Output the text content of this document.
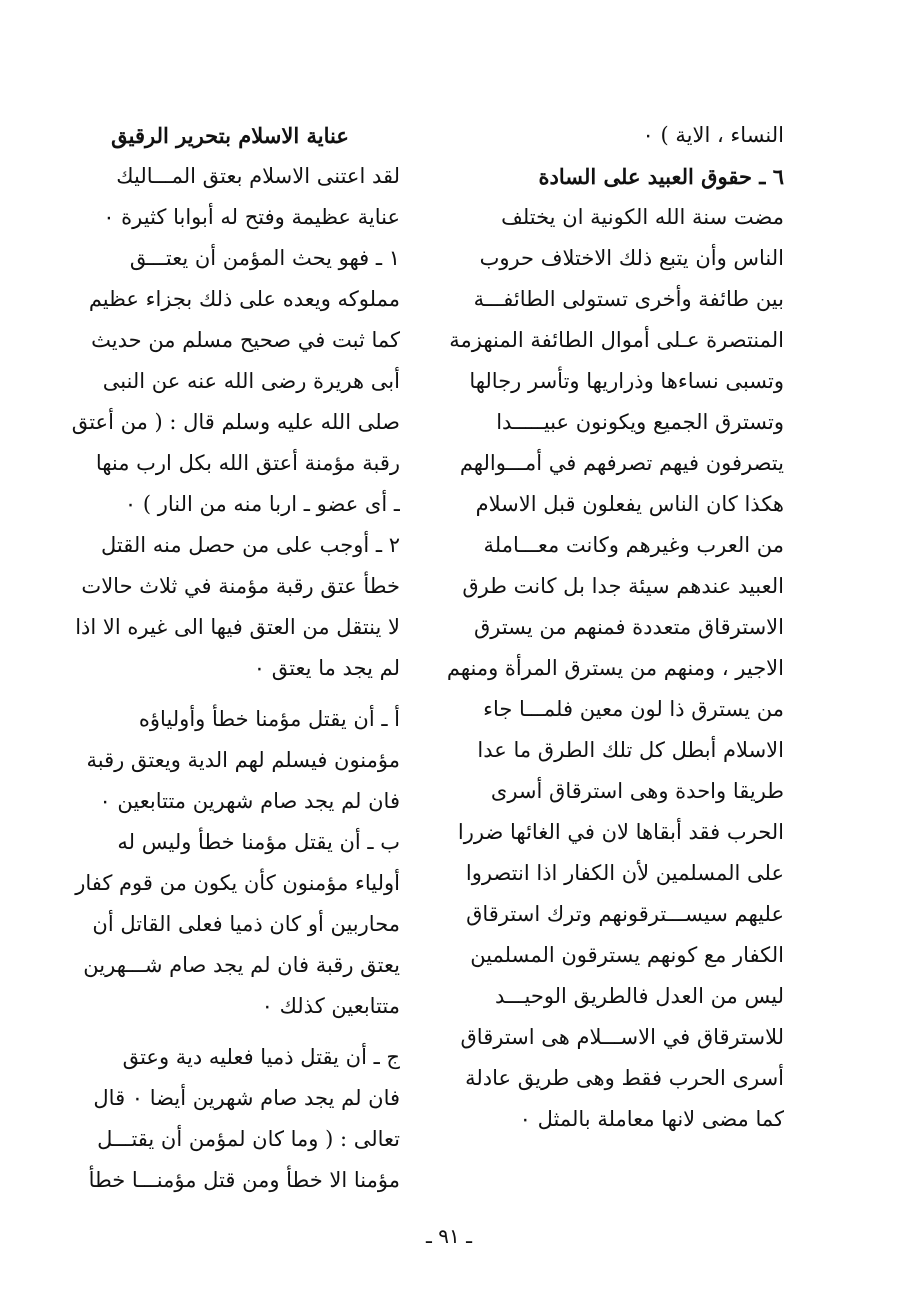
النساء ، الاية ) ٠
٦ ـ حقوق العبيد على السادة
مضت سنة الله الكونية ان يختلف
الناس وأن يتبع ذلك الاختلاف حروب
بين طائفة وأخرى تستولى الطائفـــة
المنتصرة عـلى أموال الطائفة المنهزمة
وتسبى نساءها وذراريها وتأسر رجالها
وتسترق الجميع ويكونون عبيـــــدا
يتصرفون فيهم تصرفهم في أمـــوالهم
هكذا كان الناس يفعلون قبل الاسلام
من العرب وغيرهم وكانت معـــاملة
العبيد عندهم سيئة جدا بل كانت طرق
الاسترقاق متعددة فمنهم من يسترق
الاجير ، ومنهم من يسترق المرأة ومنهم
من يسترق ذا لون معين فلمـــا جاء
الاسلام أبطل كل تلك الطرق ما عدا
طريقا واحدة وهى استرقاق أسرى
الحرب فقد أبقاها لان في الغائها ضررا
على المسلمين لأن الكفار اذا انتصروا
عليهم سيســـترقونهم وترك استرقاق
الكفار مع كونهم يسترقون المسلمين
ليس من العدل فالطريق الوحيـــد
للاسترقاق في الاســـلام هى استرقاق
أسرى الحرب فقط وهى طريق عادلة
كما مضى لانها معاملة بالمثل ٠
عناية الاسلام بتحرير الرقيق
لقد اعتنى الاسلام بعتق المـــاليك
عناية عظيمة وفتح له أبوابا كثيرة ٠
١ ـ فهو يحث المؤمن أن يعتـــق
مملوكه ويعده على ذلك بجزاء عظيم
كما ثبت في صحيح مسلم من حديث
أبى هريرة رضى الله عنه عن النبى
صلى الله عليه وسلم قال : ( من أعتق
رقبة مؤمنة أعتق الله بكل ارب منها
ـ أى عضو ـ اربا منه من النار ) ٠
٢ ـ أوجب على من حصل منه القتل
خطأ عتق رقبة مؤمنة في ثلاث حالات
لا ينتقل من العتق فيها الى غيره الا اذا
لم يجد ما يعتق ٠
أ ـ أن يقتل مؤمنا خطأ وأولياؤه
مؤمنون فيسلم لهم الدية ويعتق رقبة
فان لم يجد صام شهرين متتابعين ٠
ب ـ أن يقتل مؤمنا خطأ وليس له
أولياء مؤمنون كأن يكون من قوم كفار
محاربين أو كان ذميا فعلى القاتل أن
يعتق رقبة فان لم يجد صام شـــهرين
متتابعين كذلك ٠
ج ـ أن يقتل ذميا فعليه دية وعتق
فان لم يجد صام شهرين أيضا ٠ قال
تعالى : ( وما كان لمؤمن أن يقتـــل
مؤمنا الا خطأ ومن قتل مؤمنـــا خطأ
ـ ٩١ ـ
